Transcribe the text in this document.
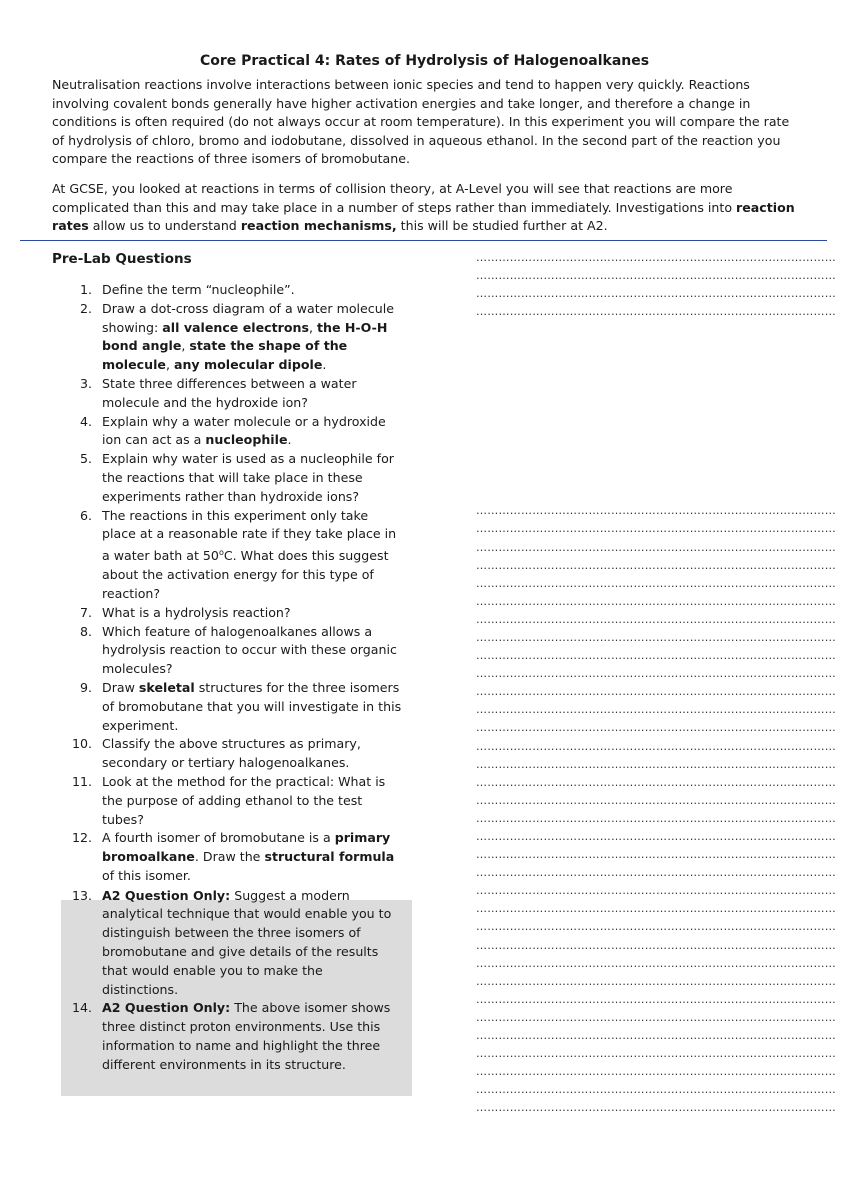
Core Practical 4: Rates of Hydrolysis of Halogenoalkanes

Neutralisation reactions involve interactions between ionic species and tend to happen very quickly. Reactions involving covalent bonds generally have higher activation energies and take longer, and therefore a change in conditions is often required (do not always occur at room temperature). In this experiment you will compare the rate of hydrolysis of chloro, bromo and iodobutane, dissolved in aqueous ethanol. In the second part of the reaction you compare the reactions of three isomers of bromobutane.

At GCSE, you looked at reactions in terms of collision theory, at A-Level you will see that reactions are more complicated than this and may take place in a number of steps rather than immediately. Investigations into reaction rates allow us to understand reaction mechanisms, this will be studied further at A2.

Pre-Lab Questions
1. Define the term “nucleophile”.
2. Draw a dot-cross diagram of a water molecule showing: all valence electrons, the H-O-H bond angle, state the shape of the molecule, any molecular dipole.
3. State three differences between a water molecule and the hydroxide ion?
4. Explain why a water molecule or a hydroxide ion can act as a nucleophile.
5. Explain why water is used as a nucleophile for the reactions that will take place in these experiments rather than hydroxide ions?
6. The reactions in this experiment only take place at a reasonable rate if they take place in a water bath at 50$^o$C. What does this suggest about the activation energy for this type of reaction?
7. What is a hydrolysis reaction?
8. Which feature of halogenoalkanes allows a hydrolysis reaction to occur with these organic molecules?
9. Draw skeletal structures for the three isomers of bromobutane that you will investigate in this experiment.
10. Classify the above structures as primary, secondary or tertiary halogenoalkanes.
11. Look at the method for the practical: What is the purpose of adding ethanol to the test tubes?
12. A fourth isomer of bromobutane is a primary bromoalkane. Draw the structural formula of this isomer.
13. A2 Question Only: Suggest a modern analytical technique that would enable you to distinguish between the three isomers of bromobutane and give details of the results that would enable you to make the distinctions.
14. A2 Question Only: The above isomer shows three distinct proton environments. Use this information to name and highlight the three different environments in its structure.
……………………………………………………………………………………
……………………………………………………………………………………
……………………………………………………………………………………
……………………………………………………………………………………
……………………………………………………………………………………
……………………………………………………………………………………
……………………………………………………………………………………
……………………………………………………………………………………
……………………………………………………………………………………
……………………………………………………………………………………
……………………………………………………………………………………
……………………………………………………………………………………
……………………………………………………………………………………
……………………………………………………………………………………
……………………………………………………………………………………
……………………………………………………………………………………
……………………………………………………………………………………
……………………………………………………………………………………
……………………………………………………………………………………
……………………………………………………………………………………
……………………………………………………………………………………
……………………………………………………………………………………
……………………………………………………………………………………
……………………………………………………………………………………
……………………………………………………………………………………
……………………………………………………………………………………
……………………………………………………………………………………
……………………………………………………………………………………
……………………………………………………………………………………
……………………………………………………………………………………
……………………………………………………………………………………
……………………………………………………………………………………
……………………………………………………………………………………
……………………………………………………………………………………
……………………………………………………………………………………
……………………………………………………………………………………
……………………………………………………………………………………
……………………………………………………………………………………
